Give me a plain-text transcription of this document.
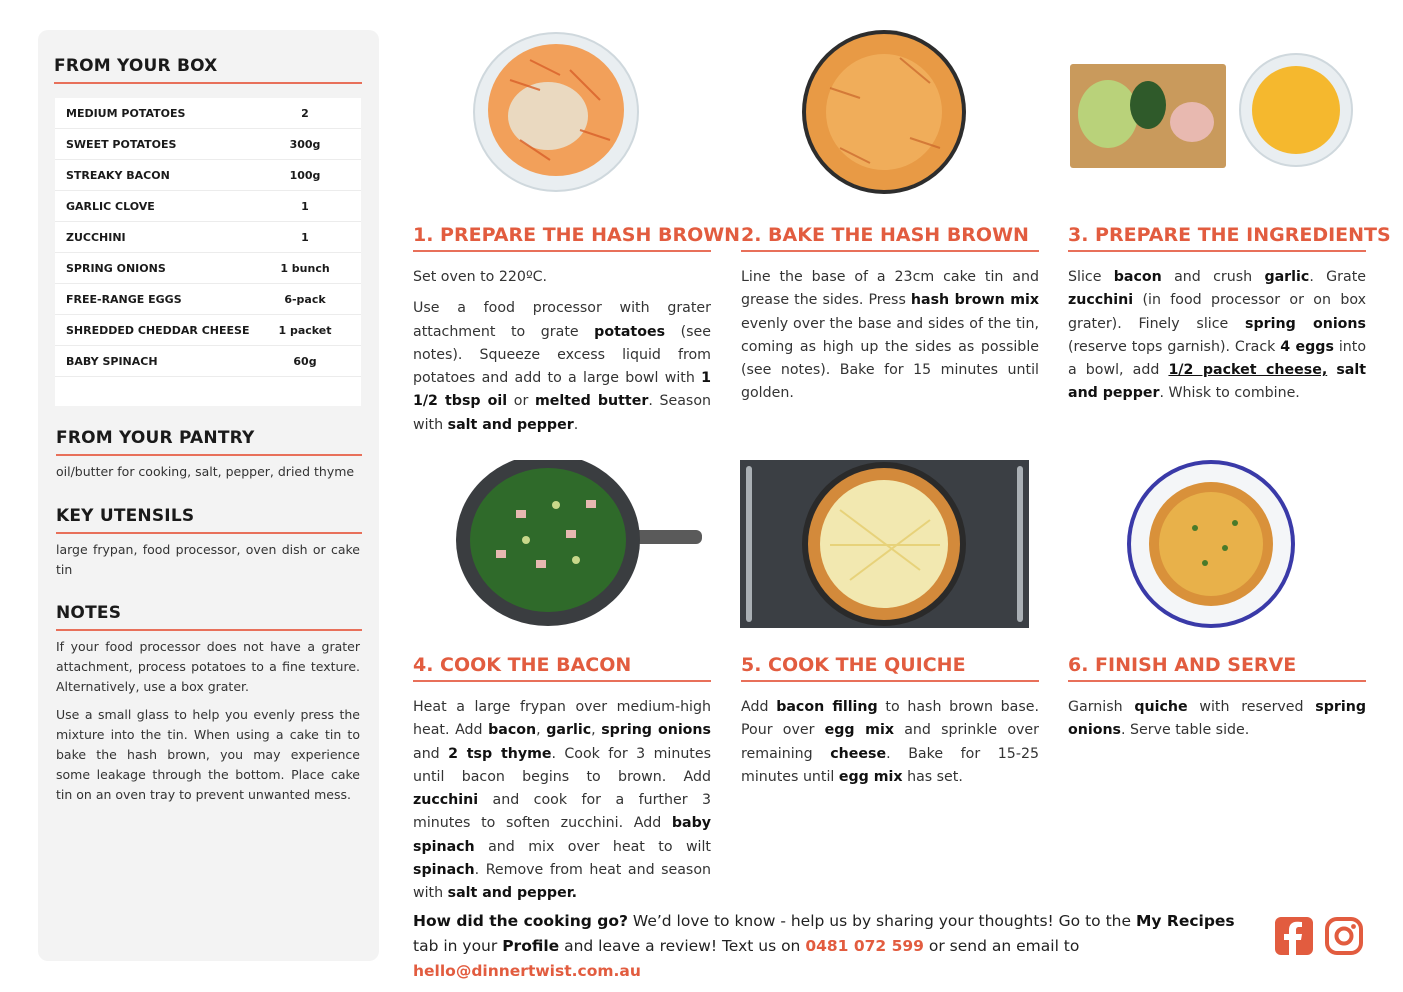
FROM YOUR BOX
MEDIUM POTATOES	2
SWEET POTATOES	300g
STREAKY BACON	100g
GARLIC CLOVE	1
ZUCCHINI	1
SPRING ONIONS	1 bunch
FREE-RANGE EGGS	6-pack
SHREDDED CHEDDAR CHEESE	1 packet
BABY SPINACH	60g
FROM YOUR PANTRY
oil/butter for cooking, salt, pepper, dried thyme
KEY UTENSILS
large frypan, food processor, oven dish or cake tin
NOTES
If your food processor does not have a grater attachment, process potatoes to a fine texture. Alternatively, use a box grater.
Use a small glass to help you evenly press the mixture into the tin. When using a cake tin to bake the hash brown, you may experience some leakage through the bottom. Place cake tin on an oven tray to prevent unwanted mess.
1. PREPARE THE HASH BROWN 2. BAKE THE HASH BROWN	3. PREPARE THE INGREDIENTS
4. COOK THE BACON	5. COOK THE QUICHE	6. FINISH AND SERVE

Set oven to 220ºC.

Use a food processor with grater attachment to grate potatoes (see notes). Squeeze excess liquid from potatoes and add to a large bowl with 1 1/2 tbsp oil or melted butter. Season with salt and pepper.

Line the base of a 23cm cake tin and grease the sides. Press hash brown mix evenly over the base and sides of the tin, coming as high up the sides as possible (see notes). Bake for 15 minutes until golden.

Slice bacon and crush garlic. Grate zucchini (in food processor or on box grater). Finely slice spring onions (reserve tops garnish). Crack 4 eggs into a bowl, add 1/2 packet cheese, salt and pepper. Whisk to combine.

Heat a large frypan over medium-high heat. Add bacon, garlic, spring onions and 2 tsp thyme. Cook for 3 minutes until bacon begins to brown. Add zucchini and cook for a further 3 minutes to soften zucchini. Add baby spinach and mix over heat to wilt spinach. Remove from heat and season with salt and pepper.

Add bacon filling to hash brown base. Pour over egg mix and sprinkle over remaining cheese. Bake for 15-25 minutes until egg mix has set.

Garnish quiche with reserved spring onions. Serve table side.

How did the cooking go? We’d love to know - help us by sharing your thoughts! Go to the My Recipes tab in your Profile and leave a review! Text us on 0481 072 599 or send an email to hello@dinnertwist.com.au
